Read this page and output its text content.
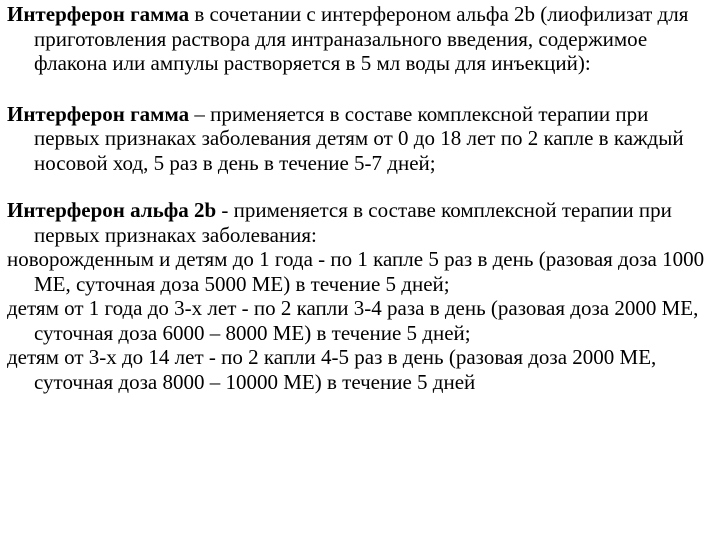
Интерферон гамма в сочетании с интерфероном альфа 2b (лиофилизат для приготовления раствора для интраназального введения, содержимое флакона или ампулы растворяется в 5 мл воды для инъекций):

Интерферон гамма – применяется в составе комплексной терапии при первых признаках заболевания детям от 0 до 18 лет по 2 капле в каждый носовой ход, 5 раз в день в течение 5-7 дней;

Интерферон альфа 2b - применяется в составе комплексной терапии при первых признаках заболевания:

новорожденным и детям до 1 года - по 1 капле 5 раз в день (разовая доза 1000 МЕ, суточная доза 5000 МЕ) в течение 5 дней;

детям от 1 года до 3-х лет - по 2 капли 3-4 раза в день (разовая доза 2000 МЕ, суточная доза 6000 – 8000 МЕ) в течение 5 дней;

детям от 3-х до 14 лет - по 2 капли 4-5 раз в день (разовая доза 2000 МЕ, суточная доза 8000 – 10000 МЕ) в течение 5 дней
